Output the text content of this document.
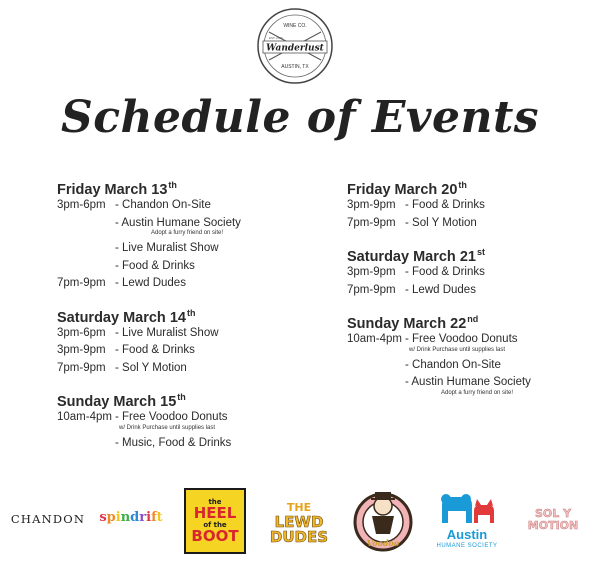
WINE CO.
Wanderlust
AUSTIN, TX
EST. 2016
Schedule of Events
Friday March 13th
3pm-6pm - Chandon On-Site
- Austin Humane Society
Adopt a furry friend on site!
- Live Muralist Show
- Food & Drinks
7pm-9pm - Lewd Dudes
Saturday March 14th
3pm-6pm - Live Muralist Show
3pm-9pm - Food & Drinks
7pm-9pm - Sol Y Motion
Sunday March 15th
10am-4pm - Free Voodoo Donuts
w/ Drink Purchase until supplies last
- Music, Food & Drinks
Friday March 20th
3pm-9pm - Food & Drinks
7pm-9pm - Sol Y Motion
Saturday March 21st
3pm-9pm - Food & Drinks
7pm-9pm - Lewd Dudes
Sunday March 22nd
10am-4pm - Free Voodoo Donuts
w/ Drink Purchase until supplies last
- Chandon On-Site
- Austin Humane Society
Adopt a furry friend on site!
CHANDON s p i n d r i f t
the
HEEL
of the
BOOT
THE
LEWD
DUDES	Voodoo
Austin
HUMANE SOCIETY
SOL Y
MOTION
